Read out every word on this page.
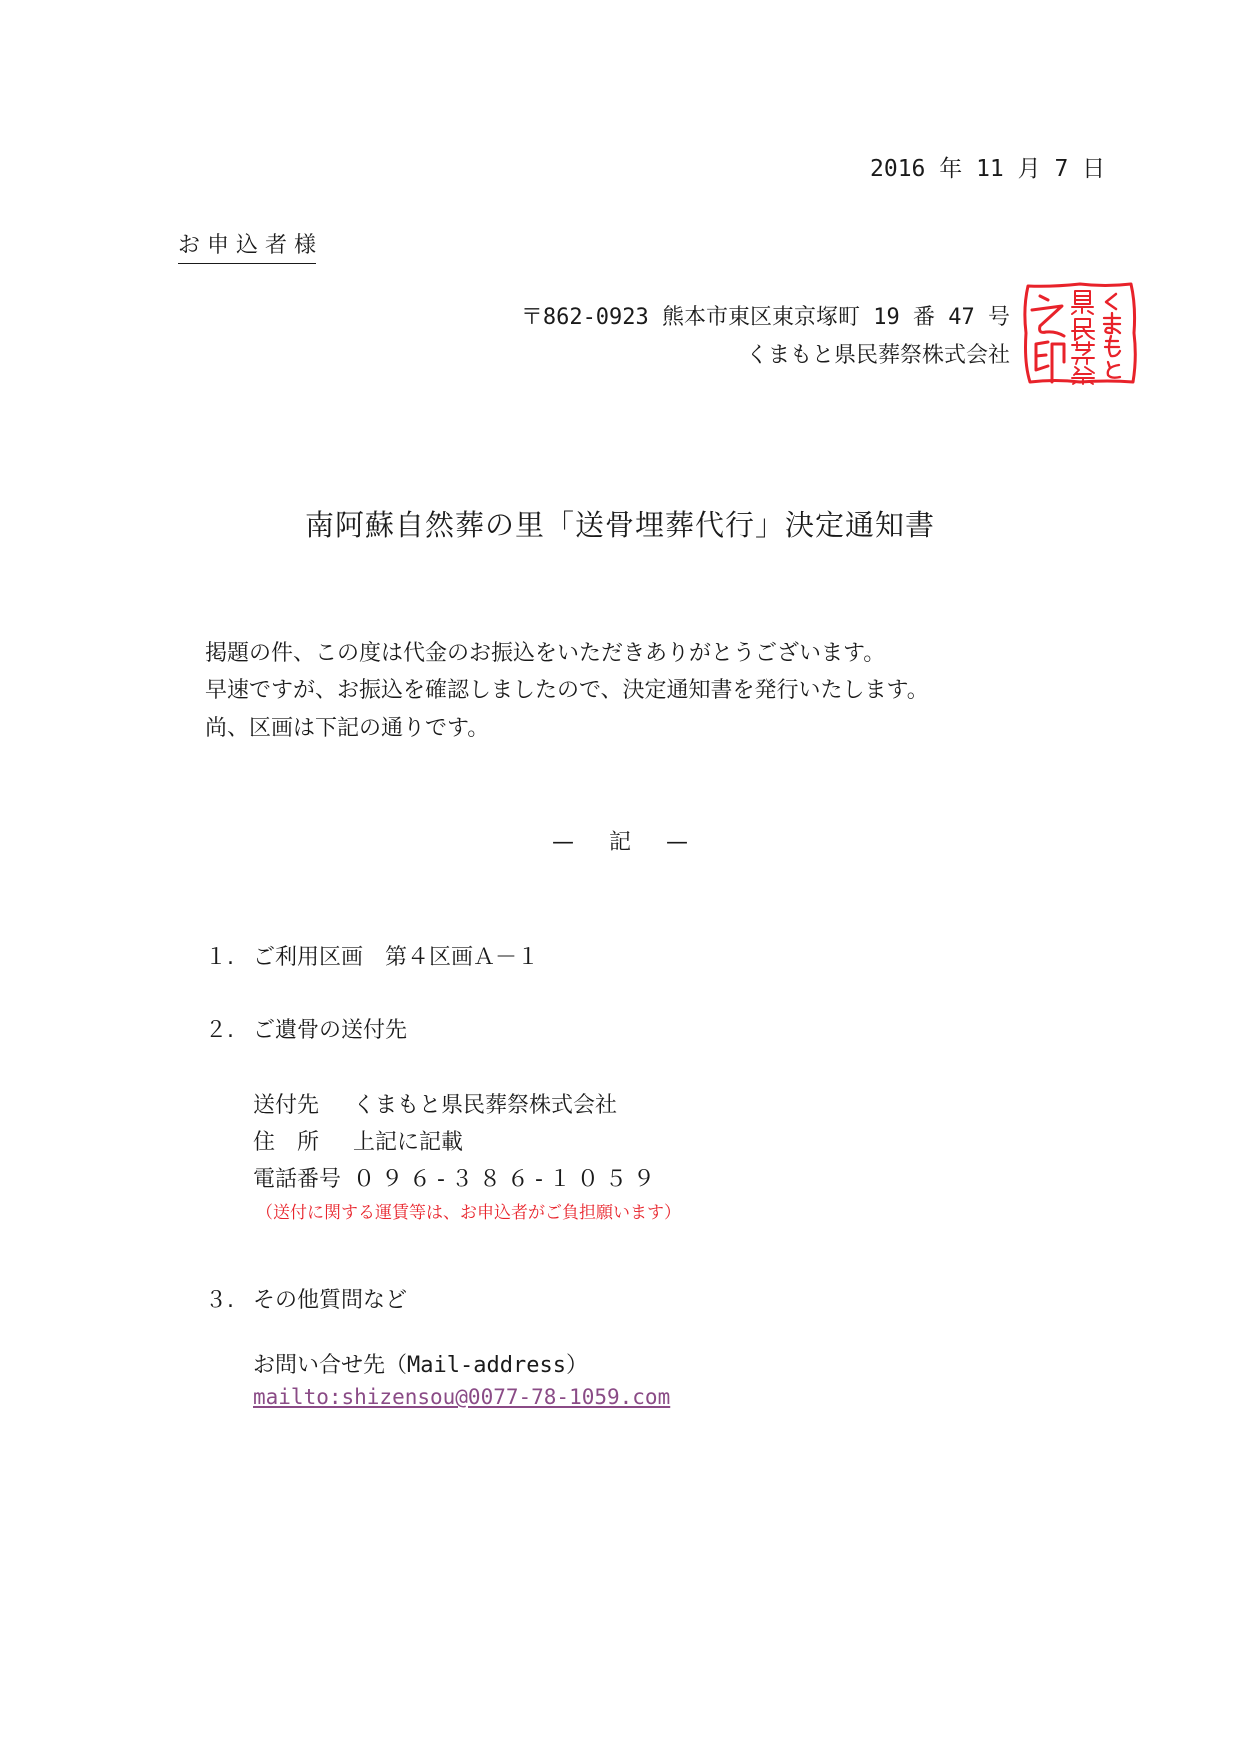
2016 年 11 月 7 日
お 申 込 者 様
〒862-0923 熊本市東区東京塚町 19 番 47 号
くまもと県民葬祭株式会社
南阿蘇自然葬の里「送骨埋葬代行」決定通知書
掲題の件、この度は代金のお振込をいただきありがとうございます。
早速ですが、お振込を確認しましたので、決定通知書を発行いたします。
尚、区画は下記の通りです。
— 記 —
１. ご利用区画　第４区画Ａ－１
２. ご遺骨の送付先
送付先 くまもと県民葬祭株式会社
住　所 上記に記載
電話番号 ０９６-３８６-１０５９
（送付に関する運賃等は、お申込者がご負担願います）
３. その他質問など
お問い合せ先（Mail-address）
mailto:shizensou@0077-78-1059.com
